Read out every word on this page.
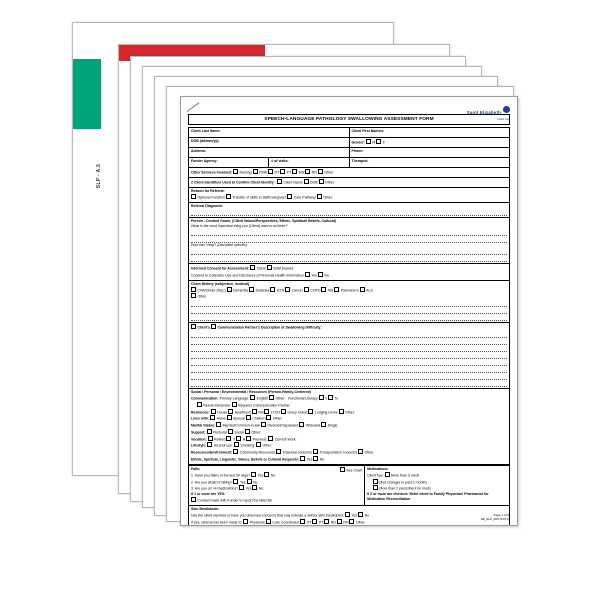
SLP - A.5
Saint Elizabeth
Health Care
SPEECH-LANGUAGE PATHOLOGY SWALLOWING ASSESSMENT FORM
Client Last Name:		Client First Name/s:
DOB (dd/mm/yy):		Gender: M F
Address:		Phone:
Funder Agency:	# of visits:	Therapist:
Other Services Involved: Nursing PSW OT PT SW RD Other:		
2 Client Identifiers Used to Confirm Client Identity : Client Name DOB Other:		
Reason for Referral:
Optional Function Transfer of skills to staff/caregivers Care Pathway Other:		
Referral Diagnosis:		

Person - Centred Goals: (Client Values/Perspectives, Ethnic, Spiritual/ Beliefs, Cultural)
What is the most important thing you (Client) want to achieve?
How can I help? (Discipline specific)		

Informed Consent for Assessment: Client SDM (name):
Consent to Collection Use and Disclosure of Personal Health Information Yes No		
Client History (subjective, medical)
CVA/Stroke (R)(L) Dementia Diabetes HTN Cancer COPD MS Parkinson's ALS
Other		

Client's Communication Partner's Description of Swallowing Difficulty:		

Social / Personal / Environmental / Resources (Person-Family-Centered)
Communication: Primary Language: English Other: Functional Literacy Y N
Needs Interpreter Requires Communication Partner
Residence: House Apartment RH LTCH Group Home Lodging Home Other:
Lives with: Alone Spouse Children Other:
Marital Status: Married/Common-in-law Divorced/Separated Widowed Single
Support: Personal Social Other:
Vocation: Retired Y N Previous: Current Work:
Lifestyle: Alcohol use: Smoking: Other:
Resources/Environment: Community Resources Financial concerns Transportation concerns Other:
Ethnic, Spiritual, Linguistic, Values, Beliefs or Cultural Requests: Yes No
Falls:	See Chart

1. Have you fallen in the last 30 days? Yes No
2. Are you afraid of falling? Yes No
3. Are you on >4 medications? Yes No
If 1 or more are YES:
Contact made with Funder to report the falls risk	Medications:
Client has: More than 3 meds
Med changes in past 3 months
More than 2 prescribers for meds
If 2 or more are checked: Refer client to Family Physician/ Pharmacist for Medication Reconciliation
Skin Breakdown:
Has the client reported or have you observed concerns that may indicate a skin/or skin breakdown: Yes No
If yes, referral has been made to: Physician Care Coordinator OT PT RD RN Other:
Page 1 of 5
SE_SLP_005 (04/17)
